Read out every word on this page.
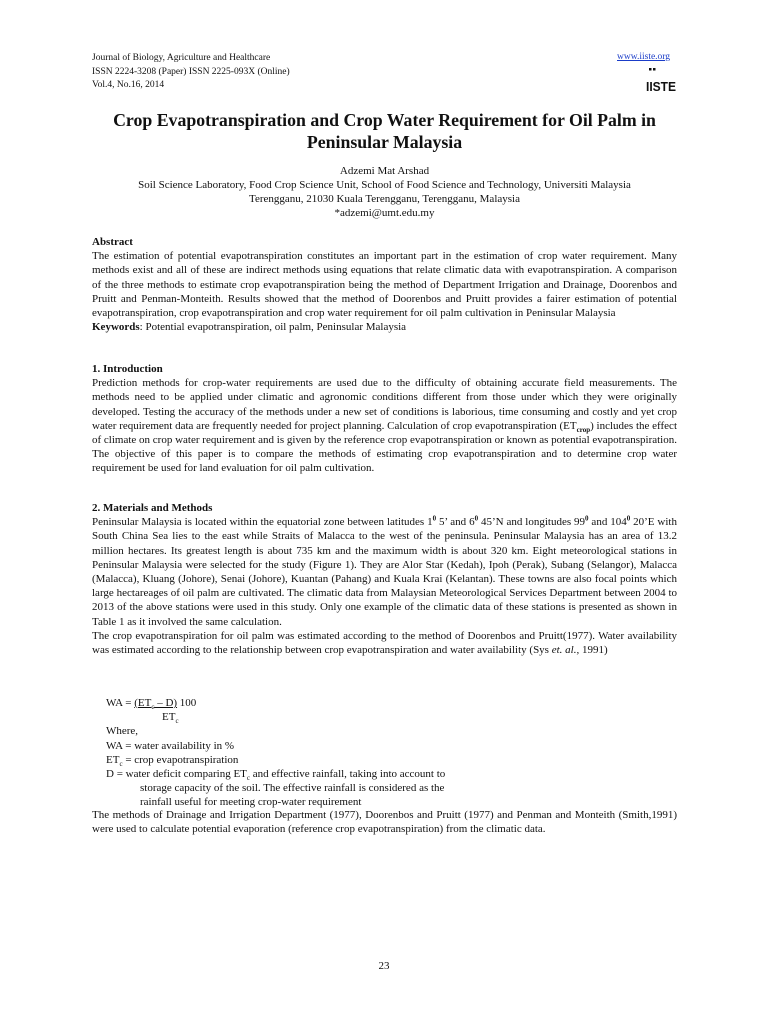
Journal of Biology, Agriculture and Healthcare
ISSN 2224-3208 (Paper) ISSN 2225-093X (Online)
Vol.4, No.16, 2014
www.iiste.org
IISTE
Crop Evapotranspiration and Crop Water Requirement for Oil Palm in Peninsular Malaysia
Adzemi Mat Arshad
Soil Science Laboratory, Food Crop Science Unit, School of Food Science and Technology, Universiti Malaysia
Terengganu, 21030 Kuala Terengganu, Terengganu, Malaysia
*adzemi@umt.edu.my

Abstract

The estimation of potential evapotranspiration constitutes an important part in the estimation of crop water requirement. Many methods exist and all of these are indirect methods using equations that relate climatic data with evapotranspiration. A comparison of the three methods to estimate crop evapotranspiration being the method of Department Irrigation and Drainage, Doorenbos and Pruitt and Penman-Monteith. Results showed that the method of Doorenbos and Pruitt provides a fairer estimation of potential evapotranspiration, crop evapotranspiration and crop water requirement for oil palm cultivation in Peninsular Malaysia

Keywords: Potential evapotranspiration, oil palm, Peninsular Malaysia

1. Introduction

Prediction methods for crop-water requirements are used due to the difficulty of obtaining accurate field measurements. The methods need to be applied under climatic and agronomic conditions different from those under which they were originally developed. Testing the accuracy of the methods under a new set of conditions is laborious, time consuming and costly and yet crop water requirement data are frequently needed for project planning. Calculation of crop evapotranspiration $(ET_{crop})$ includes the effect of climate on crop water requirement and is given by the reference crop evapotranspiration or known as potential evapotranspiration. The objective of this paper is to compare the methods of estimating crop evapotranspiration and to determine crop water requirement be used for land evaluation for oil palm cultivation.

2. Materials and Methods

Peninsular Malaysia is located within the equatorial zone between latitudes $1^0$ 5’ and $6^0$ 45’N and longitudes $99^0$ and $104^0$ 20’E with South China Sea lies to the east while Straits of Malacca to the west of the peninsula. Peninsular Malaysia has an area of 13.2 million hectares. Its greatest length is about 735 km and the maximum width is about 320 km. Eight meteorological stations in Peninsular Malaysia were selected for the study (Figure 1). They are Alor Star (Kedah), Ipoh (Perak), Subang (Selangor), Malacca (Malacca), Kluang (Johore), Senai (Johore), Kuantan (Pahang) and Kuala Krai (Kelantan). These towns are also focal points which large hectareages of oil palm are cultivated. The climatic data from Malaysian Meteorological Services Department between 2004 to 2013 of the above stations were used in this study. Only one example of the climatic data of these stations is presented as shown in Table 1 as it involved the same calculation.

The crop evapotranspiration for oil palm was estimated according to the method of Doorenbos and Pruitt(1977). Water availability was estimated according to the relationship between crop evapotranspiration and water availability (Sys et. al., 1991)

WA = $(ET_c - D)$ 100
$ET_c$
Where,
WA = water availability in %
$ET_c$ = crop evapotranspiration
D = water deficit comparing $ET_c$ and effective rainfall, taking into account to
storage capacity of the soil. The effective rainfall is considered as the
rainfall useful for meeting crop-water requirement

The methods of Drainage and Irrigation Department (1977), Doorenbos and Pruitt (1977) and Penman and Monteith (Smith,1991) were used to calculate potential evaporation (reference crop evapotranspiration) from the climatic data.

23
